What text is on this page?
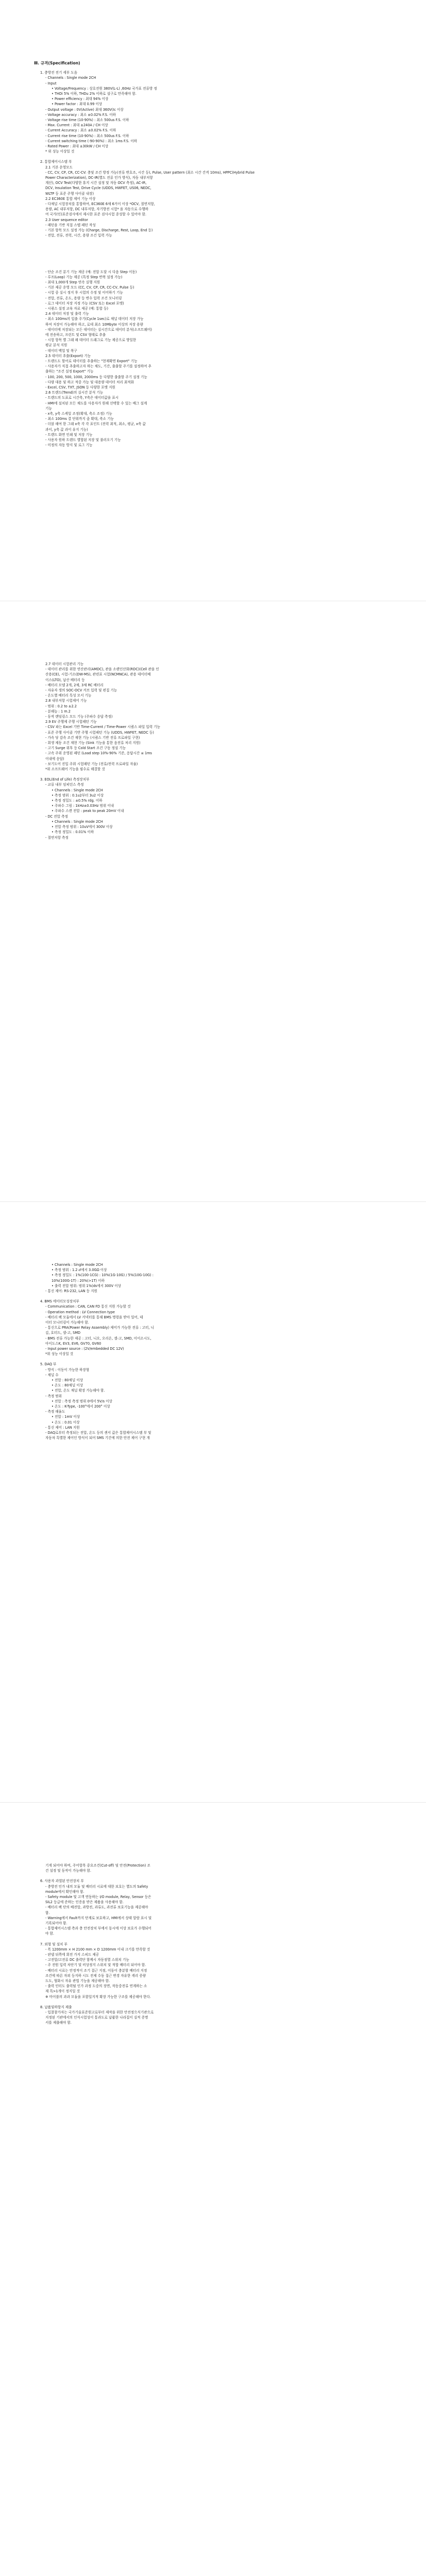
Ⅲ. 규격(Specification)
1. 충방전 전기 세부 도음
- Channels : Single mode 2CH
- Input
• Voltage/Frequency : 상호전원 380V(L-L) ,60Hz 국가표 전류방 정
• THDi 5% 이하, THDu 2% 이하로 설구로 만족해야 함.
• Power efficiency : 최대 94% 이상
• Power factor : 최대 0.99 이상
- Output voltage : 0V(Active) 최대 360V(Ic 이상
- Voltage accuracy : 최소 ±0.02% F.S. 이하
- Voltage rise time (10-90%) : 최소 500us F.S. 이하
- Max. Current : 최대 ±240A / CH 이상
- Current Accuracy : 최소 ±0.02% F.S. 이하
- Current rise time (10-90%) : 최소 500us F.S. 이하
- Current switching time (-90-90%) : 최소 1ms F.S. 이하
- Rated Power : 최대 ±30kW / CH 이상
* 위 성능 이상일 것
2. 통합제어시스템 부
2.1 기본 운영모드
- CC, CV, CP, CR, CC-CV: 충및 조건 방정 가능(전류 변호조, 시간 등), Pulse, User pattern (최소 시간 간격 10ms), HPPC(Hybrid Pulse
Power Characterization), DC-IR(별도 전류 인가 방식), 자동 내부저항
계산), OCV Test(다양한 휴지 시간 설정 및 자동 OCV 측정), AC-IR,
DCV, Insulation Test, Drive Cycle (UDDS, HWFET, US06, NEDC,
WLTP 등 표준 주행 사이클 내장)
2.2 EC360E 통합 제어 기능 이상
- 다채널 시험장치를 통합하여, EC360E 6채 6거이 이상 *OCV, 절연저항,
용량, AC 내부저항, DC 내부저항, 자기방전 시험* 을 자동으로 수행하
여 국가(인)표준검사에서 제시한 표준 검사시험 종성할 수 있어야 함.
2.3 User sequence editor
- 패턴을 기반 직접 스텝 패턴 작성
- 기본 항목 모드 설정 가능 (Charge, Discharge, Rest, Loop, End 등)
- 전압, 전류, 전력, 시간, 용량 조건 입력 가능
- 단순 조건 분기 기능 제공 (예: 전압 도달 시 다음 Step 이동)
- 루프(Loop) 기능 제공 (특정 Step 반복 설정 가능)
- 최대 1,000개 Step 연속 실행 지원
- 기본 제공 운영 모드 (CC, CV, CP, CR, CC-CV, Pulse 등)
- 시험 중 실시 정지 후 시험의 수정 및 이어하기 기능
- 전압, 전류, 온도, 용량 등 변수 입력 조건 모니터링
- 로그 데이터 저장 지정 가능 (CSV 또는 Excel 포맷)
- 시퀀스 설정 교육 자료 제공 (예: 통합 등)
2.4 데이터 저장 및 출력 기능
- 최소 100ms의 입출 주기(Cycle 1sec)로 채널 데이터 저장 가능
하여 저장이 가능해야 하고, 로데 최소 10Mbyte 이상의 저장 용량
- 데이터에 저장되는 모든 데이터는 실시간으로 데이터 분석(소프트웨어)
에 전송하고, 프린트 및 CSV 형태로 추출
- 시험 항목 별 그래 패 데이터 드래그로 기능 제공으로 방일한
평균 분석 지원
- 데이터 백업 및 복구
2.5 데이터 추출(Export) 기능
- 트렌드도 할어로 데이터를 추출하는 "현재확면 Export" 기능
- 사용자가 직접 추출하고자 하는 채도, 기간, 출출할 주기를 설정하여 추
출하는 "조건 설정 Export" 기능
- 100, 200, 500, 1000, 2000ms 등 다양한 출출할 주기 설정 기능
- 다량 대용 및 하고 적중 가능 및 대용량 데이터 처리 최적화
- Excel, CSV, TXT, JSON 등 다양한 포맷 지원
2.6 트렌드(Trend)의 실시간 분석 기능
- 트렌드의 도표로 시간축, Y축은 데이터값을 표시
- HMI에 설치된 모든 채도를 사용자가 원해 선택할 수 있는 배그 설계
기능
- x축, y축 스케일 조정(확대, 축소 조정) 기능
- 최소 100ms 결 단위까지 줌 확대, 축소 기능
- 더블 해여 한 그래 x축 각 각 표인트 (전력 최적, 최소, 평균, x축 값
과이, y축 값 과이 유지 기능)
- 트렌드 화면 인쇄 및 저장 기능
- 사용자 원하 트렌드 별합된 저장 및 불러오기 기능
- 미정의 자동 방지 및 로그 기능
2.7 데이터 시험관리 기능
- 데이터 관리를 위한 연산관리(AMDC), 관을 소렌인산화(RDC)(Cell 관을 인
산용(CE), 시험-기소(DW-MS), 관련표 시험(NCMNCA), 관용 데이터베
이스(LTO), 납산 배터리 등
- 배터리 모델 2개, 2채, 3채 RC 배터리
- 자유자 생의 SOC-OCV 커브 입력 및 편집 기능
- 온도별 배터리 특성 모서 기능
2.8 내부저항 시험제어 기능
- 범위 : 0.2 to ±2.2
- 분해능 : 1 m.2
- 동작 랜덤링스 모드 기능 (주파수 응답 측정)
2.9 EV 주행제 주행 시험패턴 기능
- CSV 파는 Excel 기반 Time-Current / Time-Power 시퀀스 파일 입력 기능
- 표준 주행 사이클 기반 주행 시험패턴 기능 (UDDS, HWFET, NEDC 등)
- 가속 당 감속 조건 재현 기능 (시퀀스 기반 전류 프로파일 구현)
- 회생 제동 조건 재현 기능 (Sink 기능을 통한 음전류 처리 지원)
- 고기 Surge 위후 등 Cold Start 조건 구동 정설 기능
- 고속 주위 운영된 패턴 (Load step 10%-90% 기준, 응답시간 ≤ 1ms
이내에 응답)
- 보기도어 진입 주위 시험패턴 기능 (전류/전력 프로파일 자율)
*위 소프트웨어 기능을 필수로 해결할 것
3. EOL(End of Life) 측정장치부
- 교류 내부 임피던스 측정
• Channels : Single mode 2CH
• 측정 범위 : 0.1u2부터 3u2 이상
• 측정 정밀도 : ±0.5% rdg. 이하
• 주파수 그림 : 1kHz±0.03Hz 범위 이내
• 주파수 스캔 전압 : peak to peak 20mV 이내
- DC 전압 측정
• Channels : Single mode 2CH
• 전압 측정 범위 : 10uV에서 300V 이상
• 측정 정밀도 : 0.01% 이하
- 절연저항 측정
• Channels : Single mode 2CH
• 측정 범위 : 1.2 ⅆ에서 3.0GΩ 이상
• 측정 정밀도 : 1%(100-1CG) : 10%(1G-10G) / 5%(10G-10G) :
10%(100G-1T) : 20%(>1T) 이하
• 출력 전압 범위: 범위 1%(ds에서 300V 이상
- 통신 제어: RS-232, LAN 등 지원
4. BMS 에이터모성장치부
- Communication : CAN, CAN FD 통신 지원 가능할 것
- Operation method : LV Connection type
- 배터리 팩 모듈에서 LV 커넥터를 통해 BMS 명령을 받아 일어, 데
이터 모니터링이 가능해야 함.
- 통신으로 PRA(Power Relay Assembly) 제어가 가능한 전류 : 고터, 니
김, 호터드, 셀-고, SMD
- BMS 전류 가능한 제공 : 고터, 니오, 오리온, 셀-고, SMD, 이이소시도,
아이도스K, EV3, EV6, GV70, GV60
- Input power source : (2V/embedded DC 12V)
*위 성능 이상일 것
5. DAQ 부
- 방식 : 이동이 가능한 하장형
- 채널 수
• 전압 : 80채널 이상
• 온도 : 80채널 이상
• 전압, 온도 채널 확장 가능해야 함.
- 측정 범위
• 전압 : 측정 측정 범위 0에서 5V/s 이상
• 온도 : K-Type, -100°에서 200° 이상
- 측정 해율도
• 전압 : 1mV 이상
• 온도 : 0.01 이상
- 통신 제어 : LAN 지원
- DAQ로부터 측정되는 전압, 온도 등의 센서 값은 통합제어시스템 부 및
자동차 특별한 제어인 방식이 되어 SMS 기간에 의한 안전 제어 구현 개
기게 되어야 하며, 주어항목 중요조건(Cut-off) 및 안전(Protection) 조
건 설정 및 동작이 가능해야 함.
6. 사용자 과열된 안전장치 부
- 충방전 인가 내의 모듈 및 배터리 시료에 대한 보호는 별도의 Safety
module에서 확인해야 함.
- Safety module 및 고객 연동하는 I/O module, Relay, Sensor 등은
SIL2 등급에 준하는 인증을 받은 제품을 사용해야 함.
- 배터리 팩 단의 배전압, 과방전, 과류도, 과전류 보호기능을 제공해야
함.
- Warning에서 Fault까지 단계로 보호하고, HMI에서 상태 알람 표시 및
기록되어야 함.
- 통합제어시스템 측과 충 안전장치 부에서 동시에 이상 보호가 수행되어
야 함.
7. 외형 및 설치 부
- 폭 1200mm × H 2100 mm × D 1200mm 이내 크기를 만족할 것
- 판넬 뒤쪽에 회전 가지 스피드 제공
- 고전압/고전류 DC 출력단 함께시 자동점멸 스위치 기능
- 주 전원 입력 차단기 및 비상정지 스위치 및 적합 배터리 되어야 함.
- 배터리 시료는 안정적이 조기 접근 지점, 이동이 충분할 배터리 지정
조건에 따른 자외 등지하 시도 진제 수동 접근 변경 자유한 캐리 증량
도도, 협화시 자유 관법 기능을 제공해야 함.
- 출력 인터도 출력될 인가 과정 도중의 장면, 작동중전류 연계하는 소
재 특>1개이 정지일 것
※ 마이블의 과과 모듈을 포함일지적 확장 가능한 구조를 제공해야 한다.
8. 납품및하항지 제출
- 입찰참가자는 국가기술표준원고로부터 제작을 위한 안전정으식기관으로
지정된 기관에서의 인식시험성이 통과도로 납품한 나라집이 실적 증명
서를 제출해야 함.
